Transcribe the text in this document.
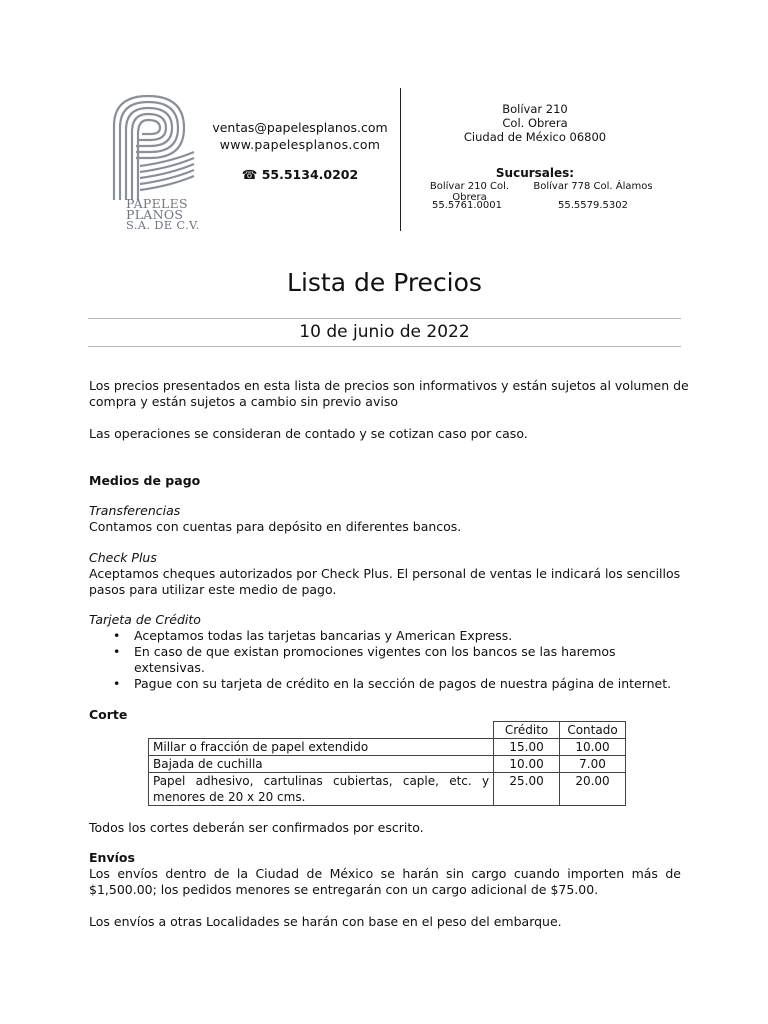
PAPELES
PLANOS
S.A. DE C.V.
ventas@papelesplanos.com
www.papelesplanos.com
☎ 55.5134.0202
Bolívar 210
Col. Obrera
Ciudad de México 06800
Sucursales:
Bolívar 210 Col. Obrera
Bolívar 778 Col. Álamos
55.5761.0001	55.5579.5302
Lista de Precios
10 de junio de 2022
Los precios presentados en esta lista de precios son informativos y están sujetos al volumen de compra y están sujetos a cambio sin previo aviso
Las operaciones se consideran de contado y se cotizan caso por caso.
Medios de pago
Transferencias
Contamos con cuentas para depósito en diferentes bancos.
Check Plus
Aceptamos cheques autorizados por Check Plus. El personal de ventas le indicará los sencillos pasos para utilizar este medio de pago.
Tarjeta de Crédito
• Aceptamos todas las tarjetas bancarias y American Express.
• En caso de que existan promociones vigentes con los bancos se las haremos extensivas.
• Pague con su tarjeta de crédito en la sección de pagos de nuestra página de internet.
Corte
	Crédito	Contado
Millar o fracción de papel extendido	15.00	10.00
Bajada de cuchilla	10.00	7.00
Papel adhesivo, cartulinas cubiertas, caple, etc. y menores de 20 x 20 cms.	25.00	20.00
Todos los cortes deberán ser confirmados por escrito.
Envíos
Los envíos dentro de la Ciudad de México se harán sin cargo cuando importen más de $1,500.00; los pedidos menores se entregarán con un cargo adicional de $75.00.
Los envíos a otras Localidades se harán con base en el peso del embarque.
